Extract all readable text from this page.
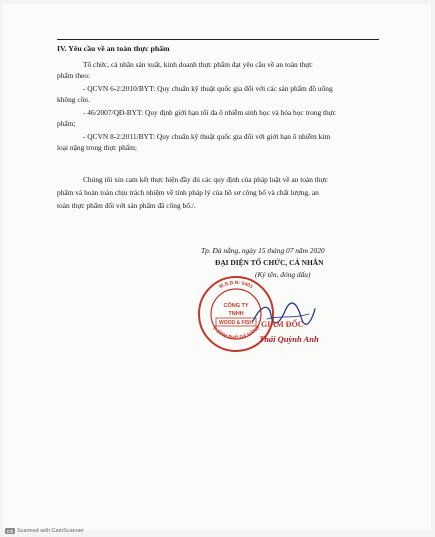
IV. Yêu cầu về an toàn thực phẩm
Tổ chức, cá nhân sản xuất, kinh doanh thực phẩm đạt yêu cầu về an toàn thực
phẩm theo:
- QCVN 6-2:2010/BYT: Quy chuẩn kỹ thuật quốc gia đối với các sản phẩm đồ uống
không cồn.
- 46/2007/QĐ-BYT: Quy định giới hạn tối đa ô nhiễm sinh học và hóa học trong thực
phẩm;
- QCVN 8-2:2011/BYT: Quy chuẩn kỹ thuật quốc gia đối với giới hạn ô nhiễm kim
loại nặng trong thực phẩm;
Chúng tôi xin cam kết thực hiện đầy đủ các quy định của pháp luật về an toàn thực
phẩm và hoàn toàn chịu trách nhiệm về tính pháp lý của hồ sơ công bố và chất lượng, an
toàn thực phẩm đối với sản phẩm đã công bố./.
Tp. Đà nẵng, ngày 15 tháng 07 năm 2020
ĐẠI DIỆN TỔ CHỨC, CÁ NHÂN
(Ký tên, đóng dấu)
M.S.D.N: 0401
THÀNH PHỐ ĐÀ NẴNG
CÔNG TY
TNHH
WOOD & FISH GIÁM ĐỐC
Thái Quỳnh Anh
CS Scanned with CamScanner
